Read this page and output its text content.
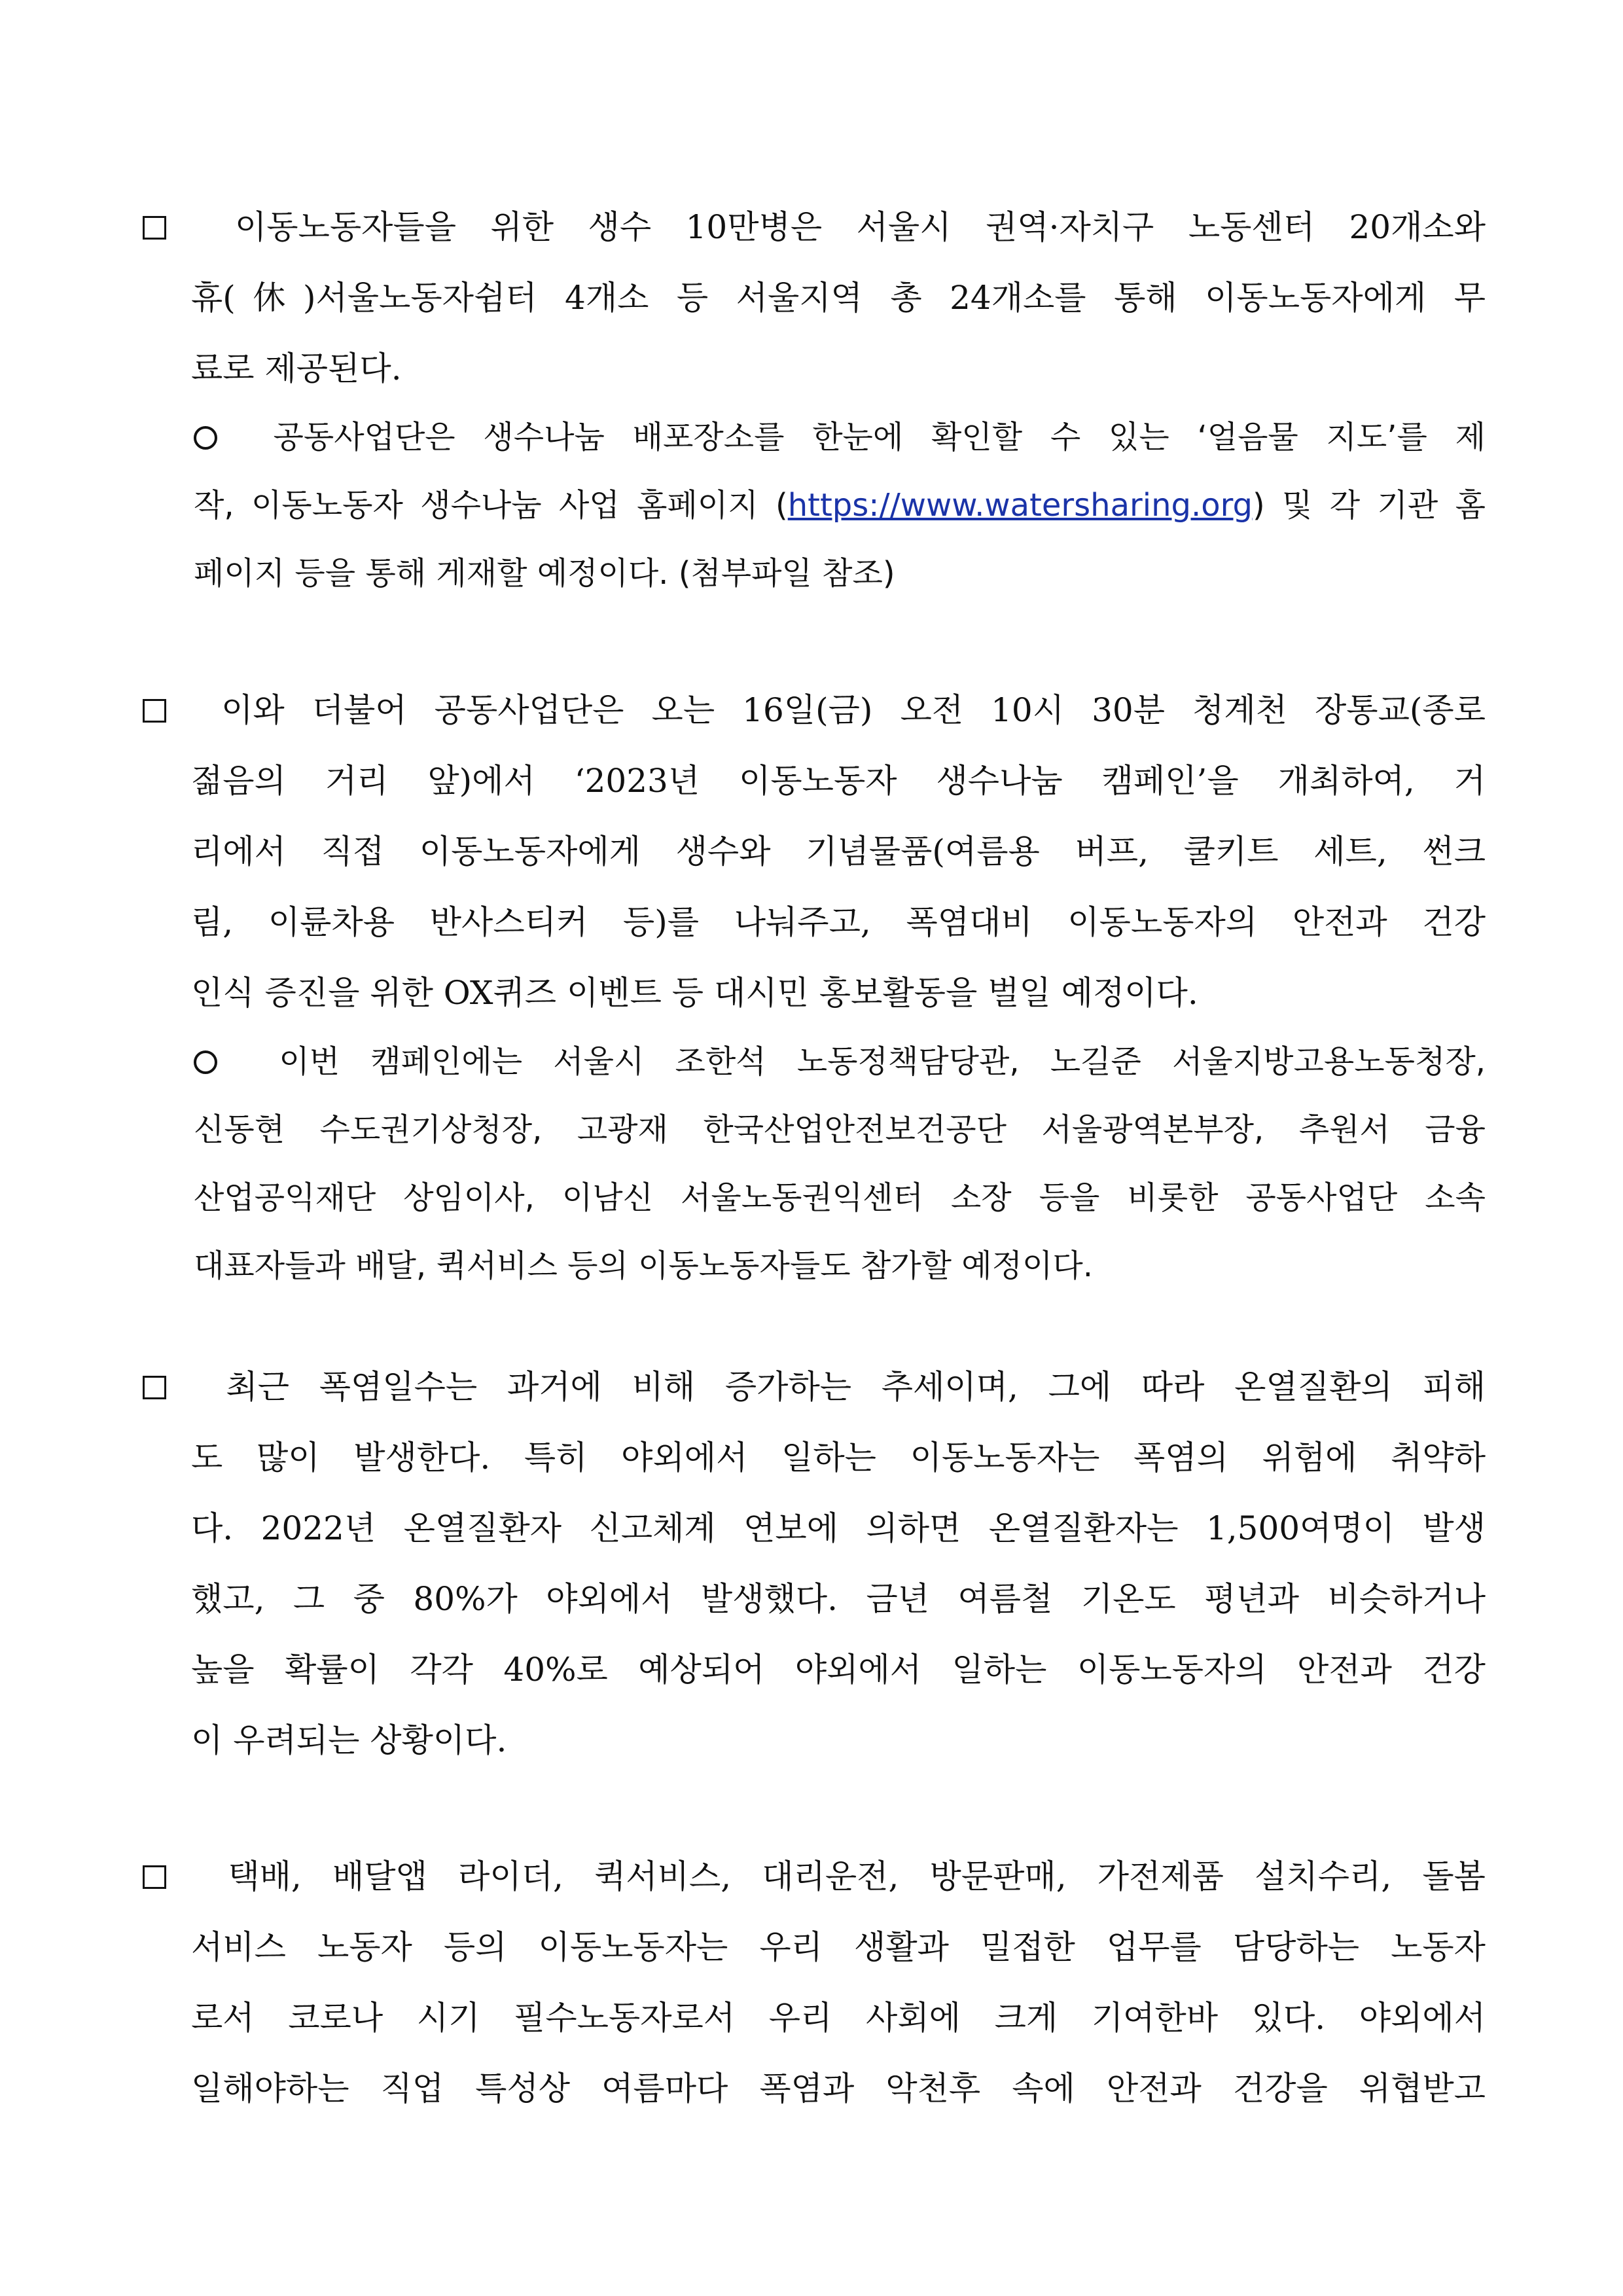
이동노동자들을 위한 생수 10만병은 서울시 권역·자치구 노동센터 20개소와
휴(休)서울노동자쉼터 4개소 등 서울지역 총 24개소를 통해 이동노동자에게 무
료로 제공된다.
공동사업단은 생수나눔 배포장소를 한눈에 확인할 수 있는 ‘얼음물 지도’를 제
작, 이동노동자 생수나눔 사업 홈페이지 (https://www.watersharing.org) 및 각 기관 홈
페이지 등을 통해 게재할 예정이다. (첨부파일 참조)
이와 더불어 공동사업단은 오는 16일(금) 오전 10시 30분 청계천 장통교(종로
젊음의 거리 앞)에서 ‘2023년 이동노동자 생수나눔 캠페인’을 개최하여, 거
리에서 직접 이동노동자에게 생수와 기념물품(여름용 버프, 쿨키트 세트, 썬크
림, 이륜차용 반사스티커 등)를 나눠주고, 폭염대비 이동노동자의 안전과 건강
인식 증진을 위한 OX퀴즈 이벤트 등 대시민 홍보활동을 벌일 예정이다.
이번 캠페인에는 서울시 조한석 노동정책담당관, 노길준 서울지방고용노동청장,
신동현 수도권기상청장, 고광재 한국산업안전보건공단 서울광역본부장, 추원서 금융
산업공익재단 상임이사, 이남신 서울노동권익센터 소장 등을 비롯한 공동사업단 소속
대표자들과 배달, 퀵서비스 등의 이동노동자들도 참가할 예정이다.
최근 폭염일수는 과거에 비해 증가하는 추세이며, 그에 따라 온열질환의 피해
도 많이 발생한다. 특히 야외에서 일하는 이동노동자는 폭염의 위험에 취약하
다. 2022년 온열질환자 신고체계 연보에 의하면 온열질환자는 1,500여명이 발생
했고, 그 중 80%가 야외에서 발생했다. 금년 여름철 기온도 평년과 비슷하거나
높을 확률이 각각 40%로 예상되어 야외에서 일하는 이동노동자의 안전과 건강
이 우려되는 상황이다.
택배, 배달앱 라이더, 퀵서비스, 대리운전, 방문판매, 가전제품 설치수리, 돌봄
서비스 노동자 등의 이동노동자는 우리 생활과 밀접한 업무를 담당하는 노동자
로서 코로나 시기 필수노동자로서 우리 사회에 크게 기여한바 있다. 야외에서
일해야하는 직업 특성상 여름마다 폭염과 악천후 속에 안전과 건강을 위협받고
